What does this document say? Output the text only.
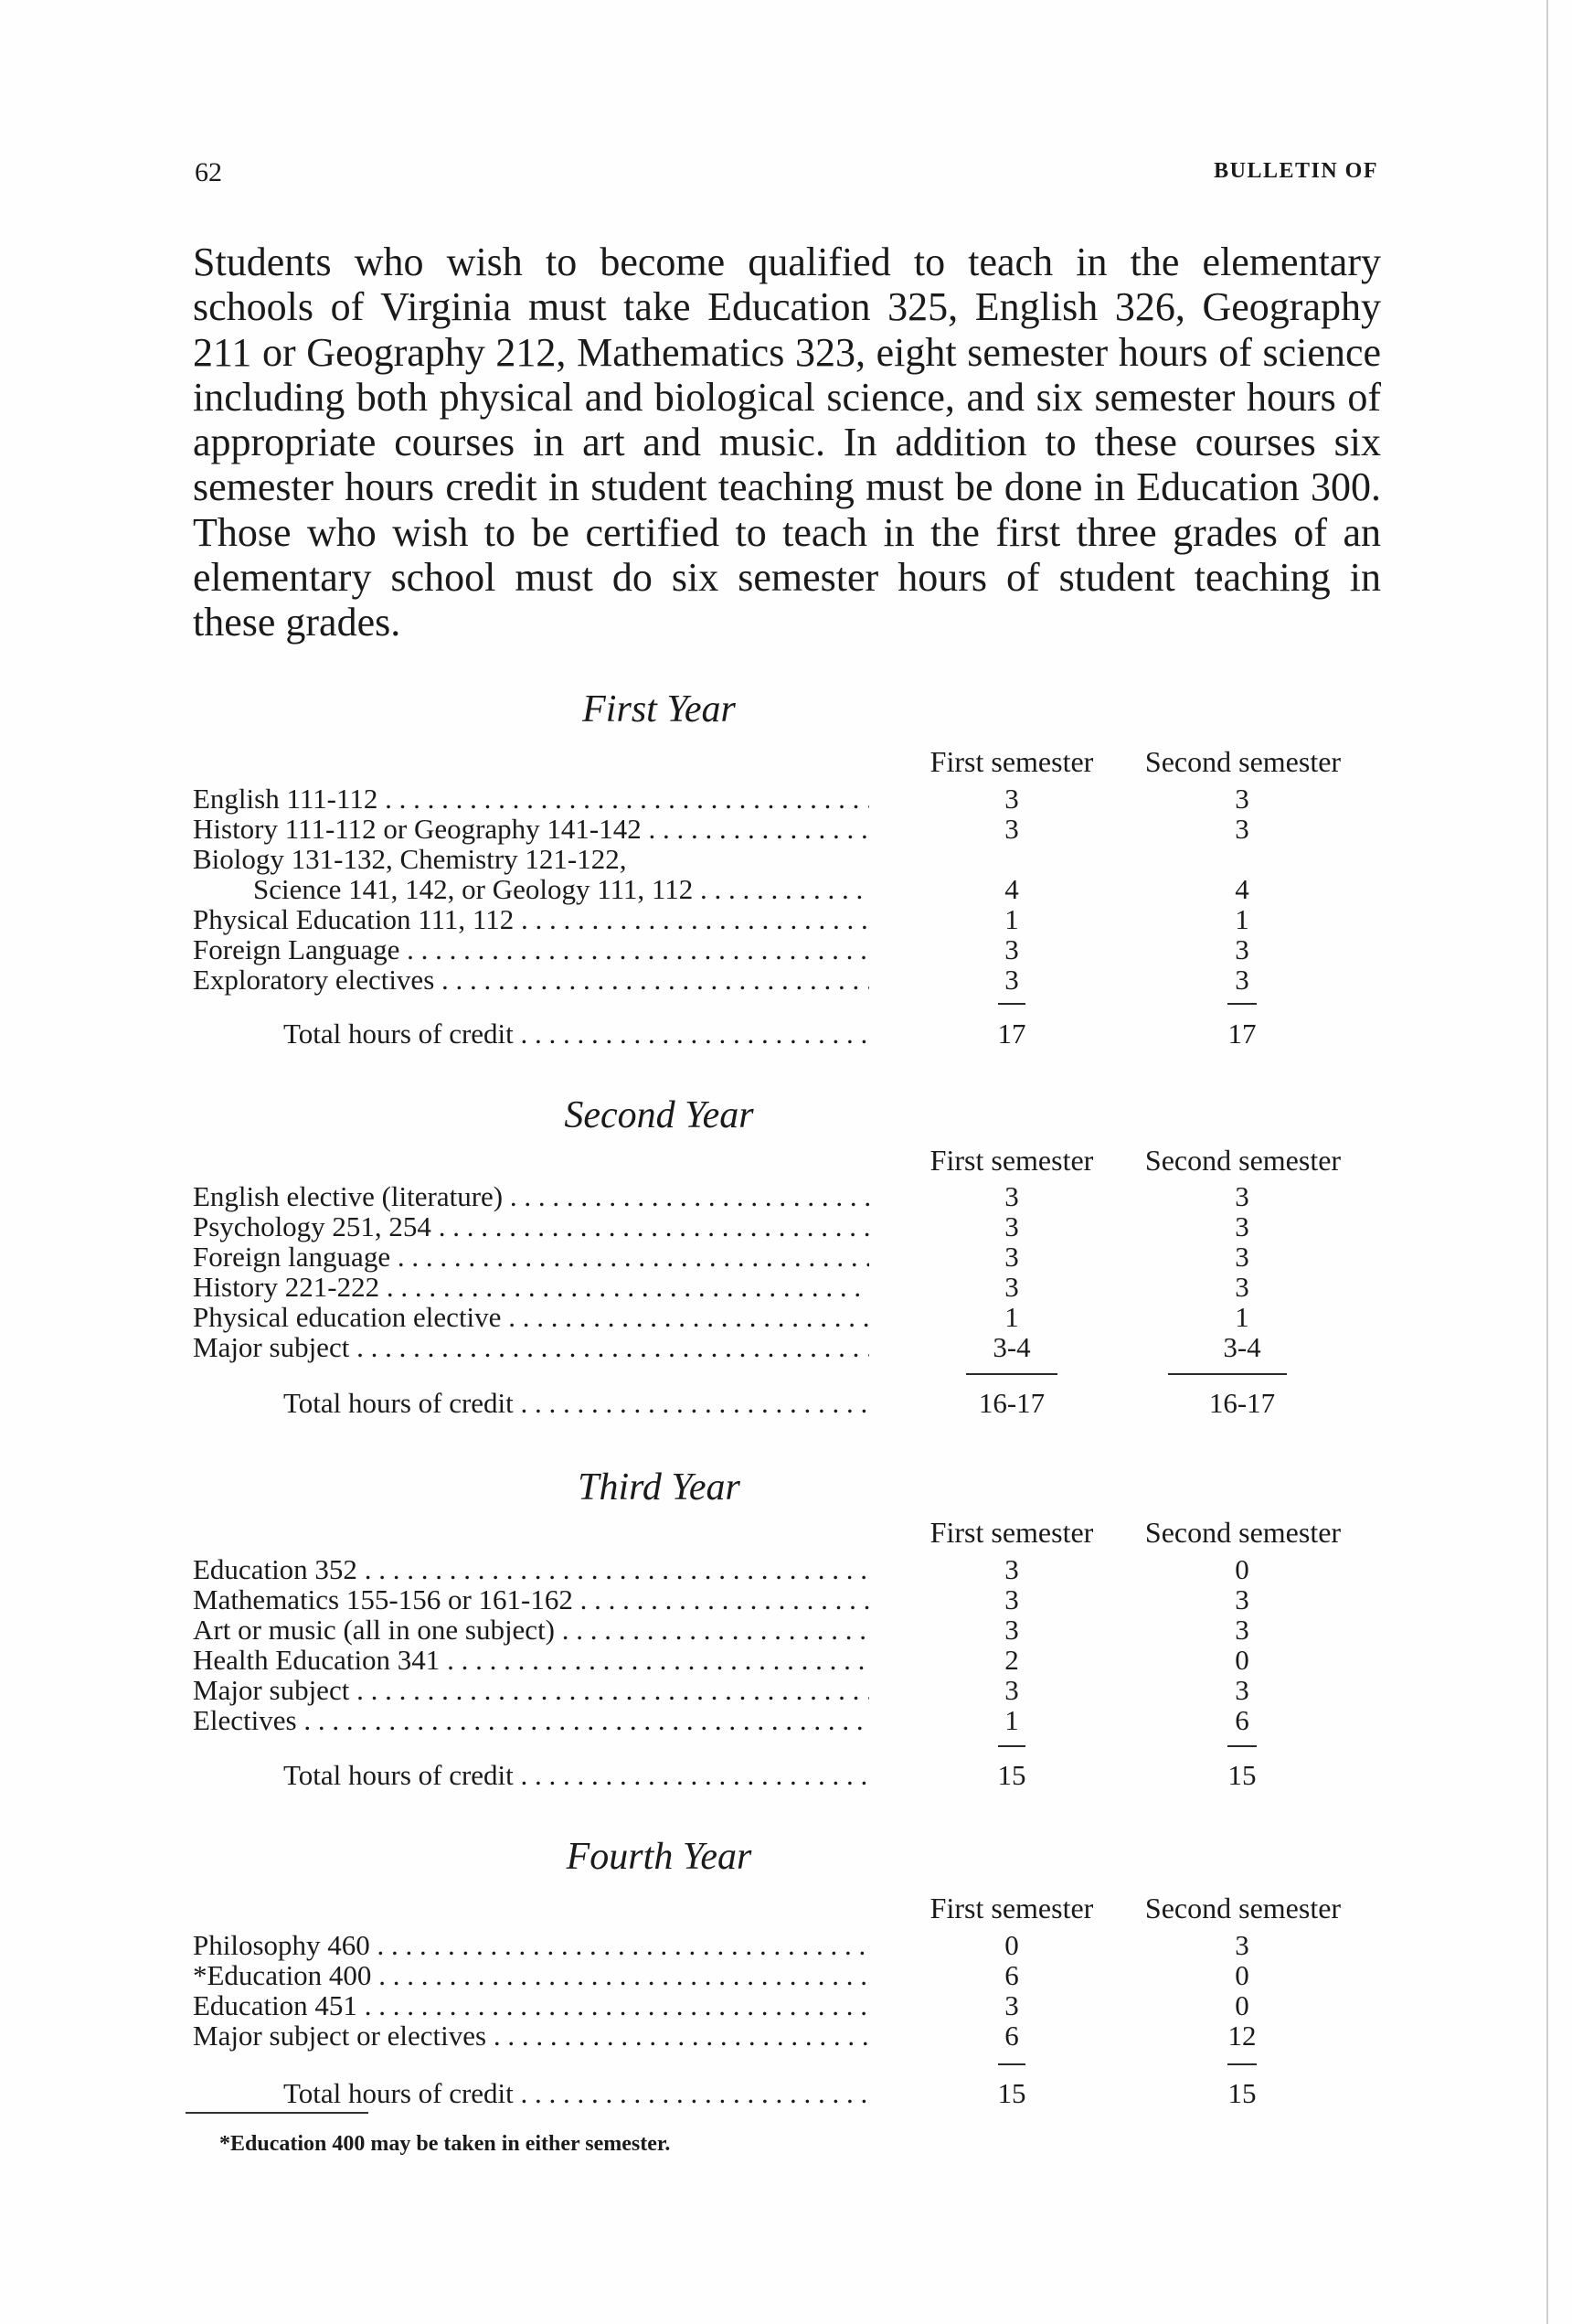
62	BULLETIN OF
Students who wish to become qualified to teach in the elementary schools of Virginia must take Education 325, English 326, Geography 211 or Geography 212, Mathematics 323, eight semester hours of science including both physical and biological science, and six semester hours of appropriate courses in art and music. In addition to these courses six semester hours credit in student teaching must be done in Education 300. Those who wish to be certified to teach in the first three grades of an elementary school must do six semester hours of student teaching in these grades.
First Year
First semester	Second semester
English 111-112 . . .	3	3
History 111-112 or Geography 141-142 . . .	3	3
Biology 131-132, Chemistry 121-122,
Science 141, 142, or Geology 111, 112 . . .	4	4
Physical Education 111, 112 . . .	1	1
Foreign Language . . .	3	3
Exploratory electives . . .	3	3
Total hours of credit . . .	17	17
Second Year
First semester	Second semester
English elective (literature) . . .	3	3
Psychology 251, 254 . . .	3	3
Foreign language . . .	3	3
History 221-222 . . .	3	3
Physical education elective . . .	1	1
Major subject . . .	3-4	3-4
Total hours of credit . . .	16-17	16-17
Third Year
First semester	Second semester
Education 352 . . .	3	0
Mathematics 155-156 or 161-162 . . .	3	3
Art or music (all in one subject) . . .	3	3
Health Education 341 . . .	2	0
Major subject . . .	3	3
Electives . . .	1	6
Total hours of credit . . .	15	15
Fourth Year
First semester	Second semester
Philosophy 460 . . .	0	3
*Education 400 . . .	6	0
Education 451 . . .	3	0
Major subject or electives . . .	6	12
Total hours of credit . . .	15	15
*Education 400 may be taken in either semester.
